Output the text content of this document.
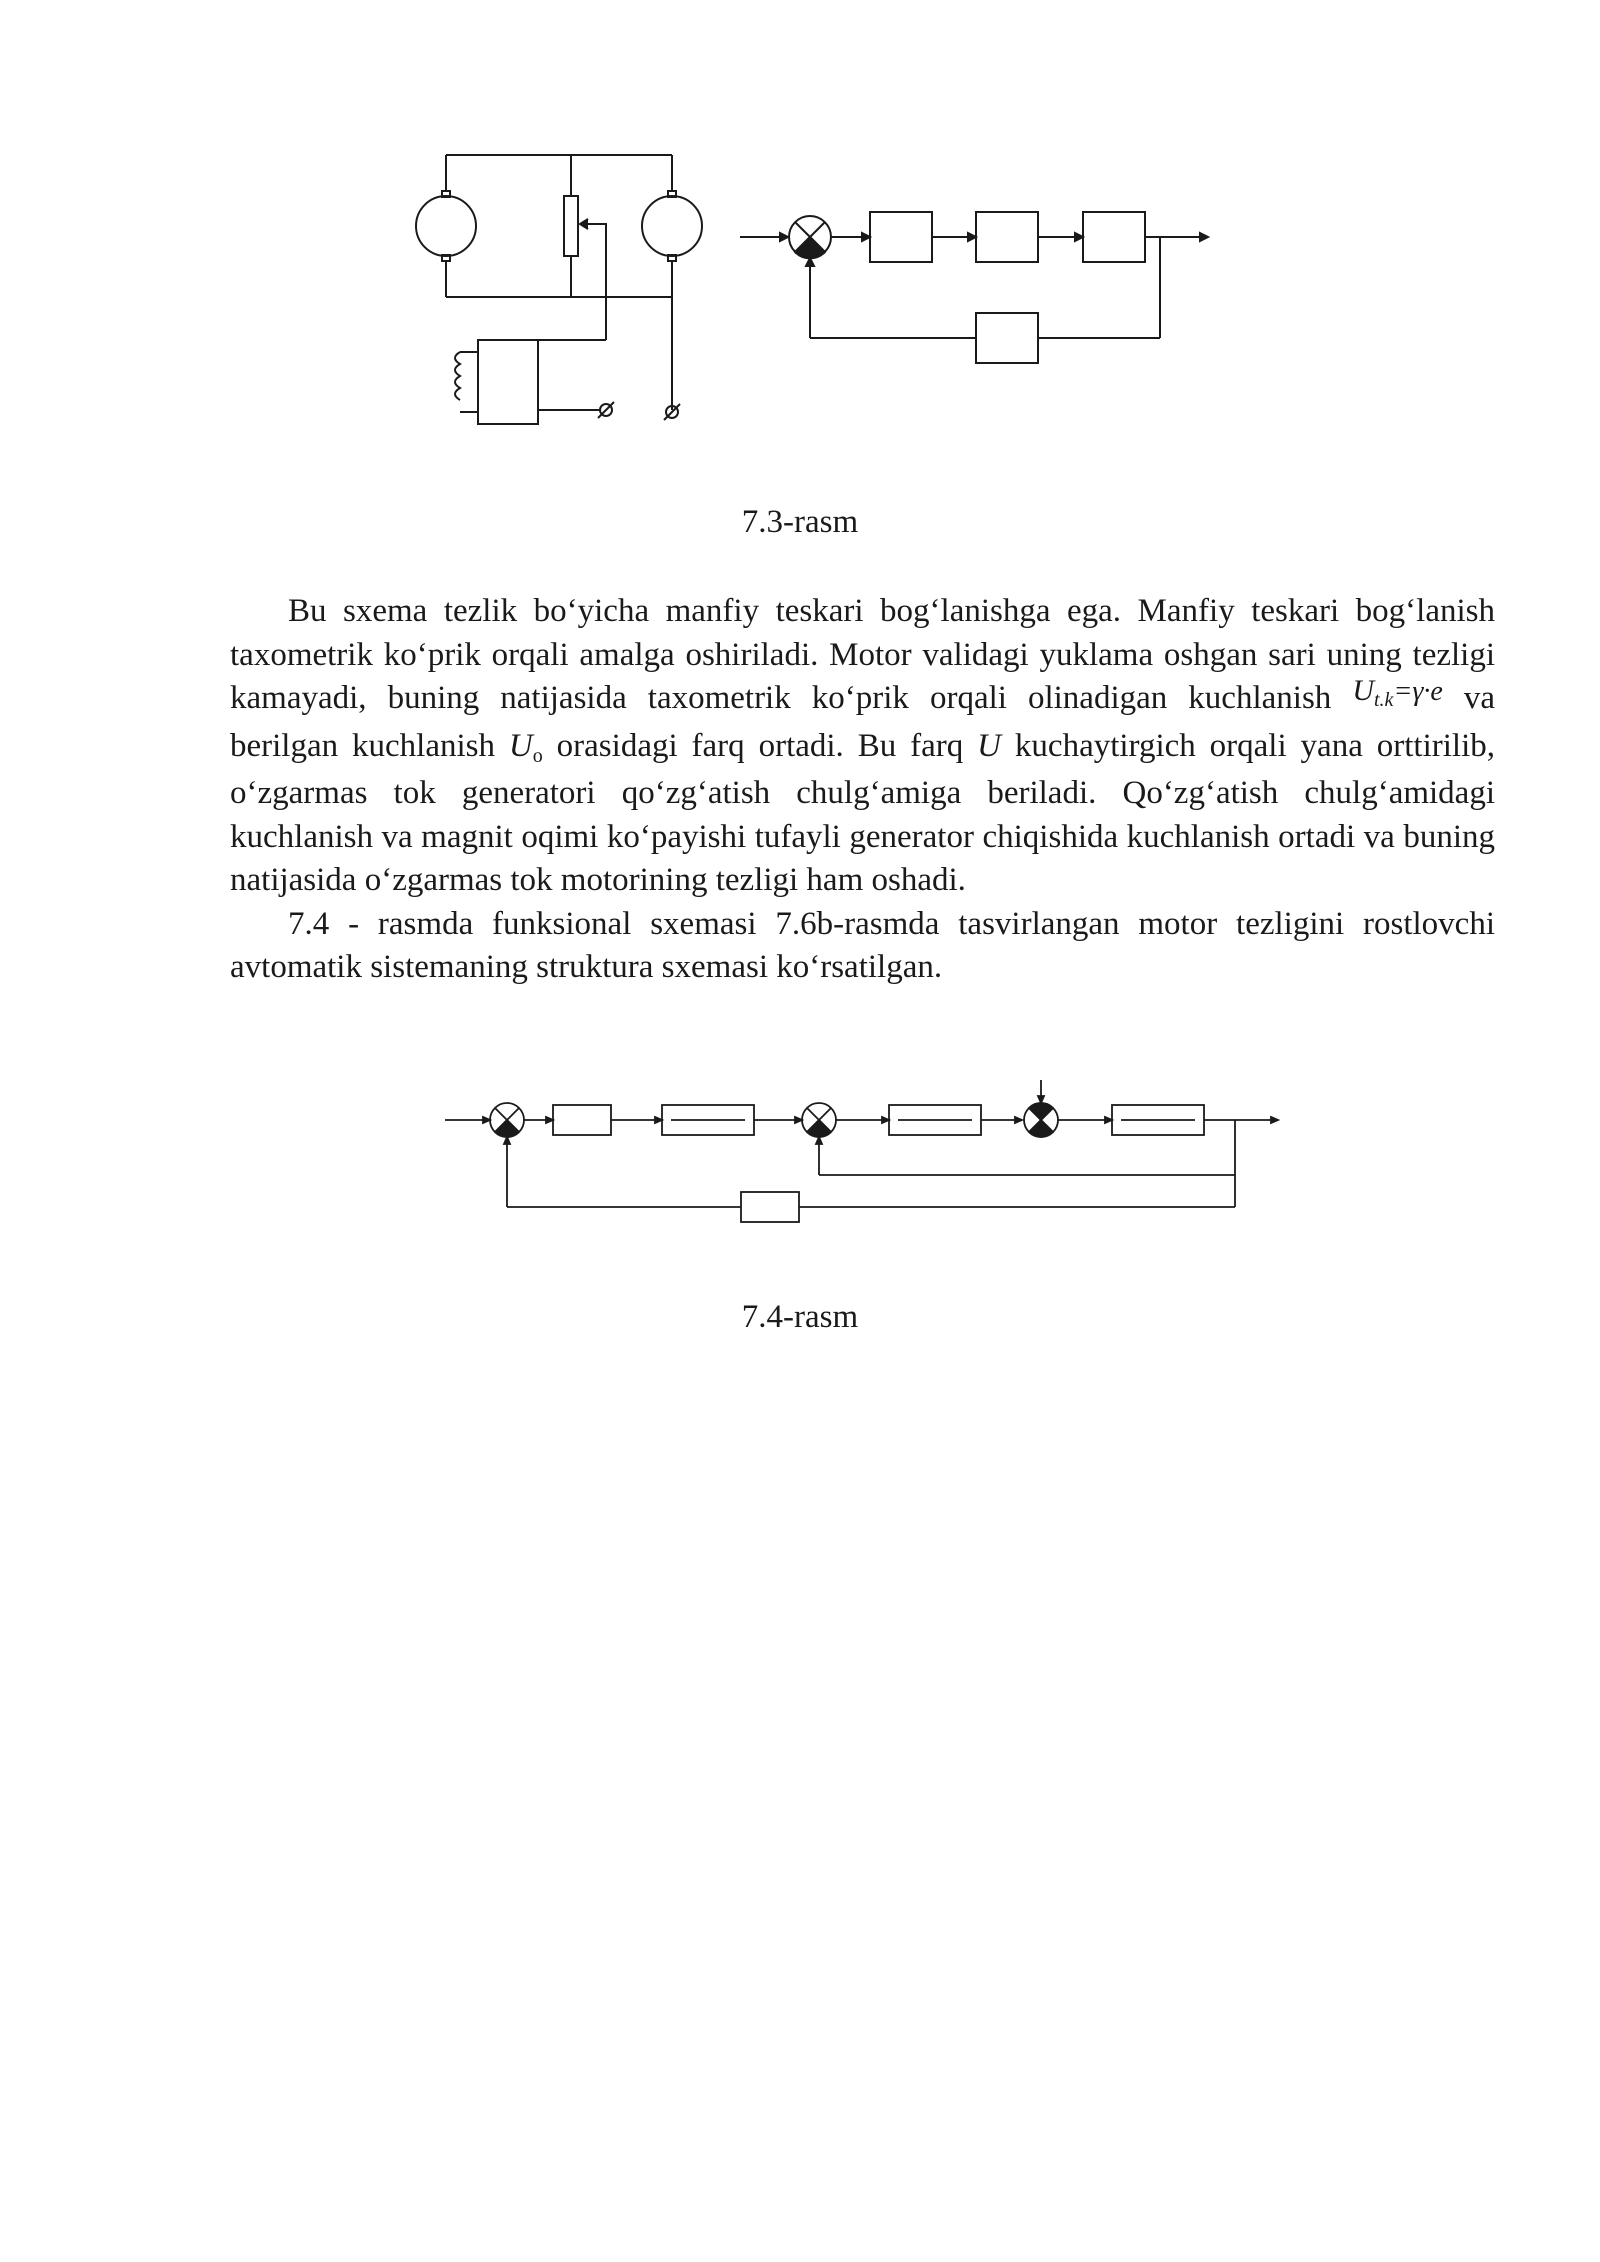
7.3-rasm

Bu sxema tezlik bo‘yicha manfiy teskari bog‘lanishga ega. Manfiy teskari bog‘lanish taxometrik ko‘prik orqali amalga oshiriladi. Motor validagi yuklama oshgan sari uning tezligi kamayadi, buning natijasida taxometrik ko‘prik orqali olinadigan kuchlanish $Ut.k^{=\gamma\cdot e}$ va berilgan kuchlanish Uo orasidagi farq ortadi. Bu farq U kuchaytirgich orqali yana orttirilib, o‘zgarmas tok generatori qo‘zg‘atish chulg‘amiga beriladi. Qo‘zg‘atish chulg‘amidagi kuchlanish va magnit oqimi ko‘payishi tufayli generator chiqishida kuchlanish ortadi va buning natijasida o‘zgarmas tok motorining tezligi ham oshadi.

7.4 - rasmda funksional sxemasi 7.6b-rasmda tasvirlangan motor tezligini rostlovchi avtomatik sistemaning struktura sxemasi ko‘rsatilgan.

7.4-rasm
